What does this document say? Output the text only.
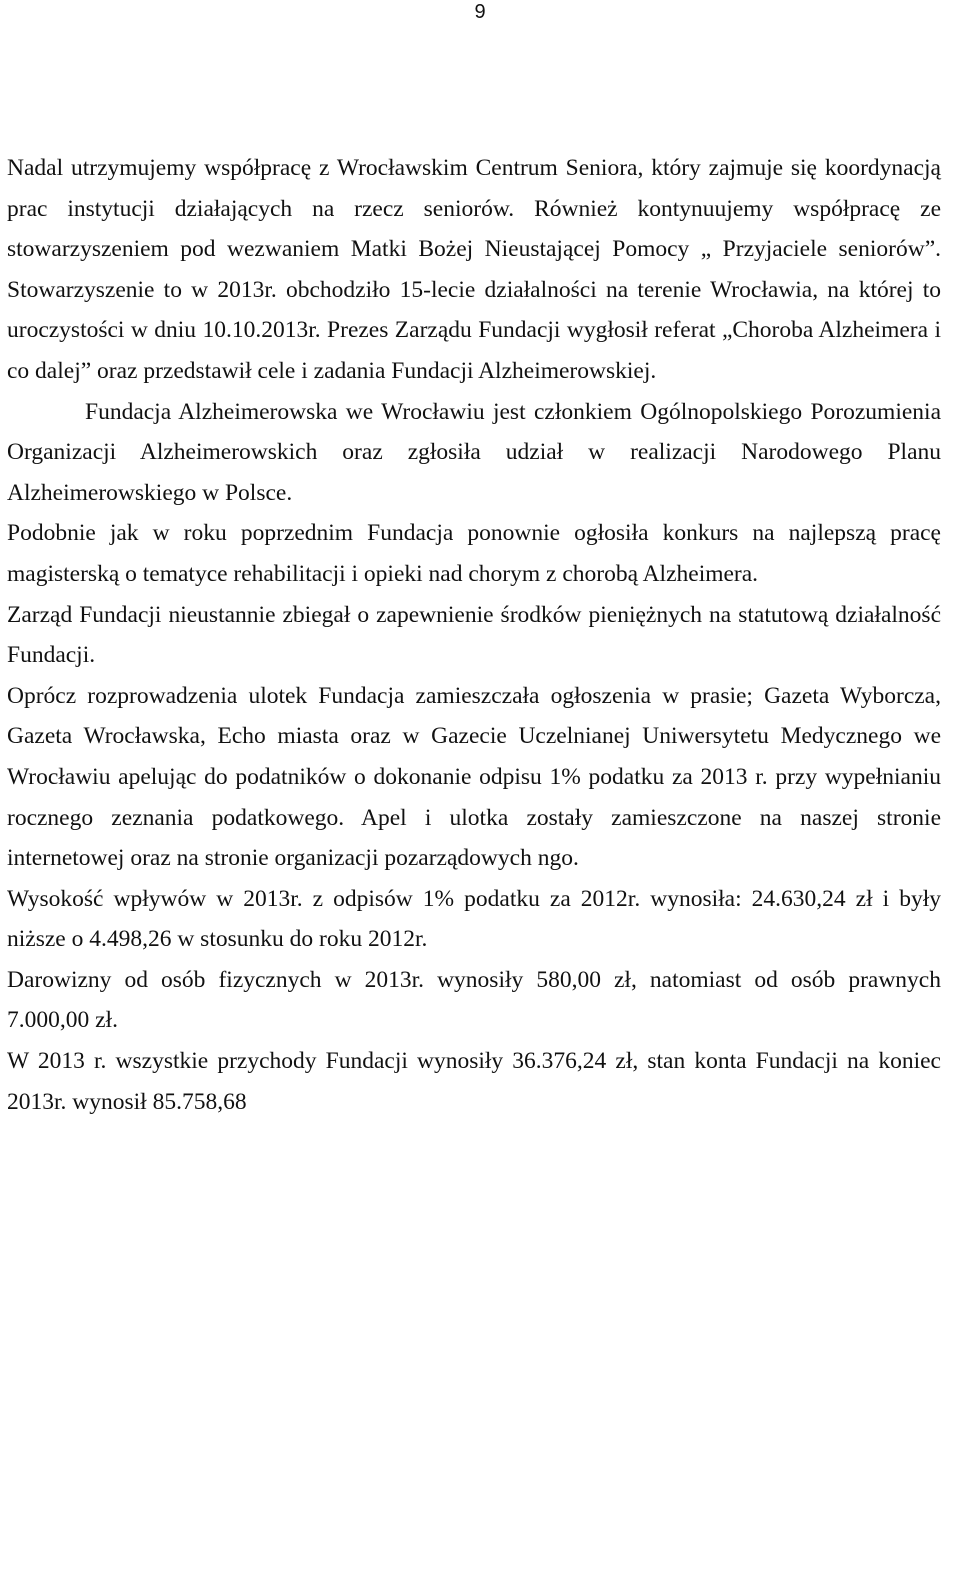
9

Nadal utrzymujemy współpracę z Wrocławskim Centrum Seniora, który zajmuje się koordynacją prac instytucji działających na rzecz seniorów. Również kontynuujemy współpracę ze stowarzyszeniem pod wezwaniem Matki Bożej Nieustającej Pomocy „ Przyjaciele seniorów”. Stowarzyszenie to w 2013r. obchodziło 15-lecie działalności na terenie Wrocławia, na której to uroczystości w dniu 10.10.2013r. Prezes Zarządu Fundacji wygłosił referat „Choroba Alzheimera i co dalej” oraz przedstawił cele i zadania Fundacji Alzheimerowskiej.

Fundacja Alzheimerowska we Wrocławiu jest członkiem Ogólnopolskiego Porozumienia Organizacji Alzheimerowskich oraz zgłosiła udział w realizacji Narodowego Planu Alzheimerowskiego w Polsce.

Podobnie jak w roku poprzednim Fundacja ponownie ogłosiła konkurs na najlepszą pracę magisterską o tematyce rehabilitacji i opieki nad chorym z chorobą Alzheimera.

Zarząd Fundacji nieustannie zbiegał o zapewnienie środków pieniężnych na statutową działalność Fundacji.

Oprócz rozprowadzenia ulotek Fundacja zamieszczała ogłoszenia w prasie; Gazeta Wyborcza, Gazeta Wrocławska, Echo miasta oraz w Gazecie Uczelnianej Uniwersytetu Medycznego we Wrocławiu apelując do podatników o dokonanie odpisu 1% podatku za 2013 r. przy wypełnianiu rocznego zeznania podatkowego. Apel i ulotka zostały zamieszczone na naszej stronie internetowej oraz na stronie organizacji pozarządowych ngo.

Wysokość wpływów w 2013r. z odpisów 1% podatku za 2012r. wynosiła: 24.630,24 zł i były niższe o 4.498,26 w stosunku do roku 2012r.

Darowizny od osób fizycznych w 2013r. wynosiły 580,00 zł, natomiast od osób prawnych 7.000,00 zł.

W 2013 r. wszystkie przychody Fundacji wynosiły 36.376,24 zł, stan konta Fundacji na koniec 2013r. wynosił 85.758,68
